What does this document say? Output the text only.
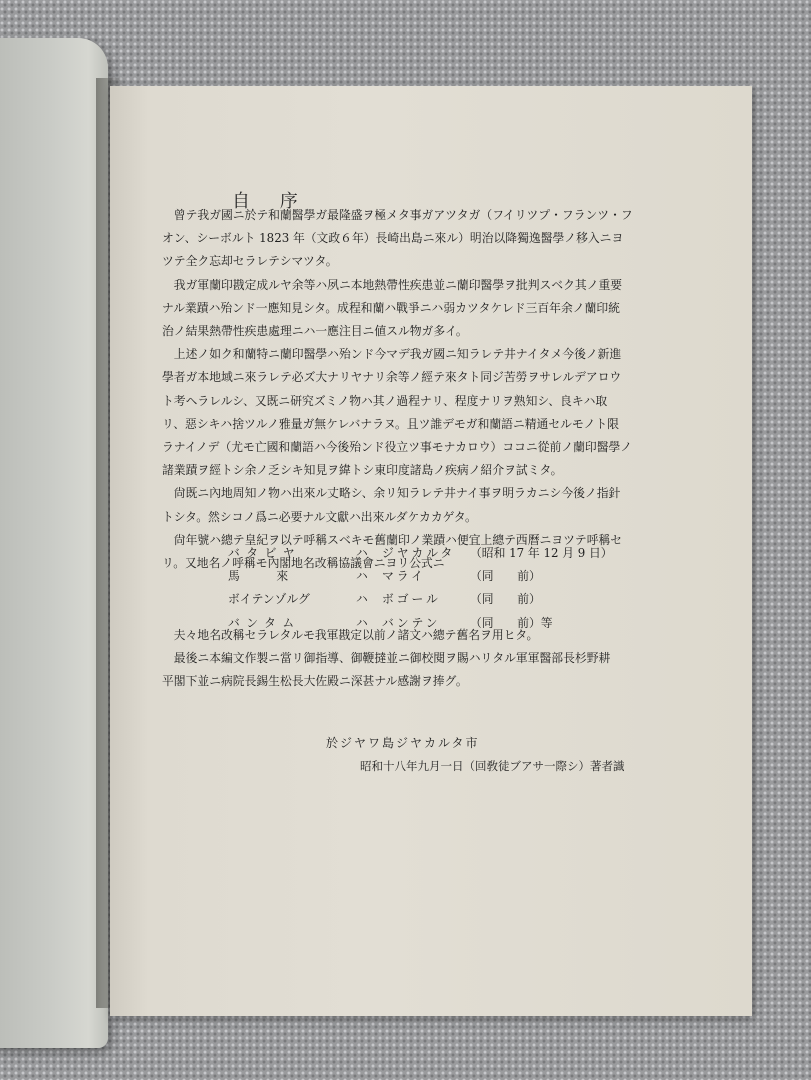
自 序

　曾テ我ガ國ニ於テ和蘭醫學ガ最隆盛ヲ極メタ事ガアツタガ（フイリツプ・フランツ・フ

オン、シーボルト 1823 年（文政６年）長崎出島ニ來ル）明治以降獨逸醫學ノ移入ニヨ

ツテ全ク忘却セラレテシマツタ。

　我ガ軍蘭印戡定成ルヤ余等ハ夙ニ本地熱帶性疾患並ニ蘭印醫學ヲ批判スベク其ノ重要

ナル業蹟ハ殆ンド一應知見シタ。成程和蘭ハ戰爭ニハ弱カツタケレド三百年余ノ蘭印統

治ノ結果熱帶性疾患處理ニハ一應注目ニ値スル物ガ多イ。

　上述ノ如ク和蘭特ニ蘭印醫學ハ殆ンド今マデ我ガ國ニ知ラレテ井ナイタメ今後ノ新進

學者ガ本地域ニ來ラレテ必ズ大ナリヤナリ余等ノ經テ來タト同ジ苦勞ヲサレルデアロウ

ト考ヘラレルシ、又既ニ研究ズミノ物ハ其ノ過程ナリ、程度ナリヲ熟知シ、良キハ取

リ、惡シキハ捨ツルノ雅量ガ無ケレバナラヌ。且ツ誰デモガ和蘭語ニ精通セルモノト限

ラナイノデ（尤モ亡國和蘭語ハ今後殆ンド役立ツ事モナカロウ）ココニ從前ノ蘭印醫學ノ

諸業蹟ヲ經トシ余ノ乏シキ知見ヲ緯トシ東印度諸島ノ疾病ノ紹介ヲ試ミタ。

　尙既ニ內地周知ノ物ハ出來ル丈略シ、余リ知ラレテ井ナイ事ヲ明ラカニシ今後ノ指針

トシタ。然シコノ爲ニ必要ナル文獻ハ出來ルダケカカゲタ。

　尙年號ハ總テ皇紀ヲ以テ呼稱スベキモ舊蘭印ノ業蹟ハ便宜上總テ西曆ニヨツテ呼稱セ

リ。又地名ノ呼稱モ內閣地名改稱協議會ニヨリ公式ニ

バタビヤ	ハ ジヤカルタ （昭和 17 年 12 月 9 日）
馬來	ハ マライ	（同　　前）
ボイテンゾルグ	ハ ボゴール （同　　前）
バンタム	ハ バンテン	（同　　前）等

　夫々地名改稱セラレタルモ我軍戡定以前ノ諸文ハ總テ舊名ヲ用ヒタ。

　最後ニ本編文作製ニ當リ御指導、御鞭撻並ニ御校閱ヲ賜ハリタル軍軍醫部長杉野耕

平閣下並ニ病院長錫生松長大佐殿ニ深甚ナル感謝ヲ捧グ。

於ジヤワ島ジヤカルタ市
昭和十八年九月一日（回敎徒ブアサ一際シ）著者識
